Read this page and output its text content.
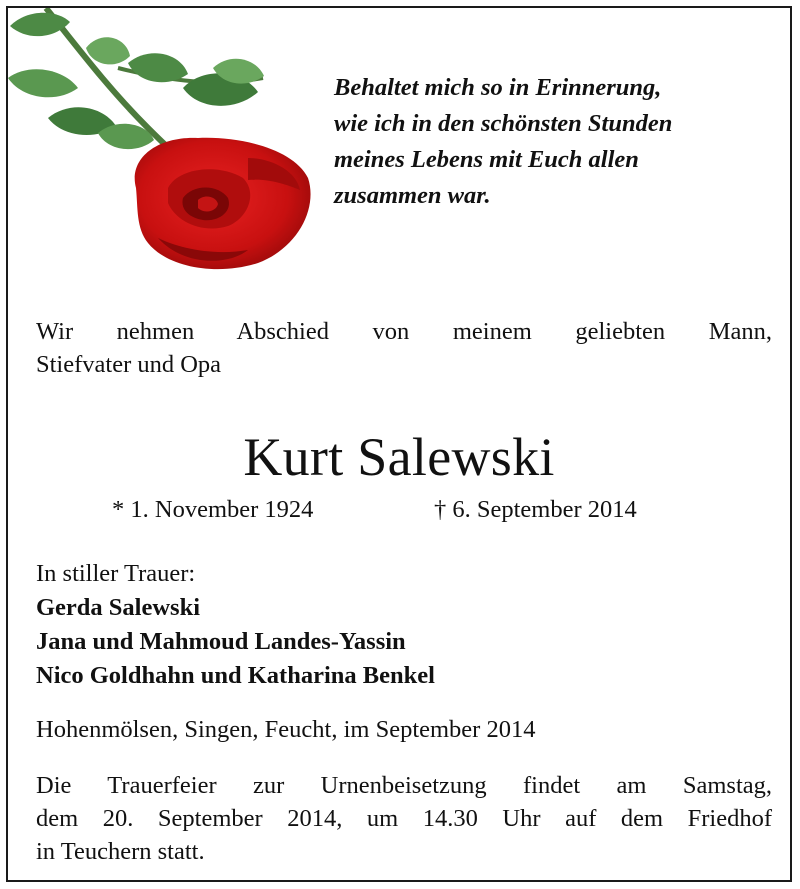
Behaltet mich so in Erinnerung,
wie ich in den schönsten Stunden
meines Lebens mit Euch allen
zusammen war.
Wir nehmen Abschied von meinem geliebten Mann,
Stiefvater und Opa
Kurt Salewski
* 1. November 1924	† 6. September 2014
In stiller Trauer:
Gerda Salewski
Jana und Mahmoud Landes-Yassin
Nico Goldhahn und Katharina Benkel
Hohenmölsen, Singen, Feucht, im September 2014
Die Trauerfeier zur Urnenbeisetzung findet am Samstag,
dem 20. September 2014, um 14.30 Uhr auf dem Friedhof
in Teuchern statt.
